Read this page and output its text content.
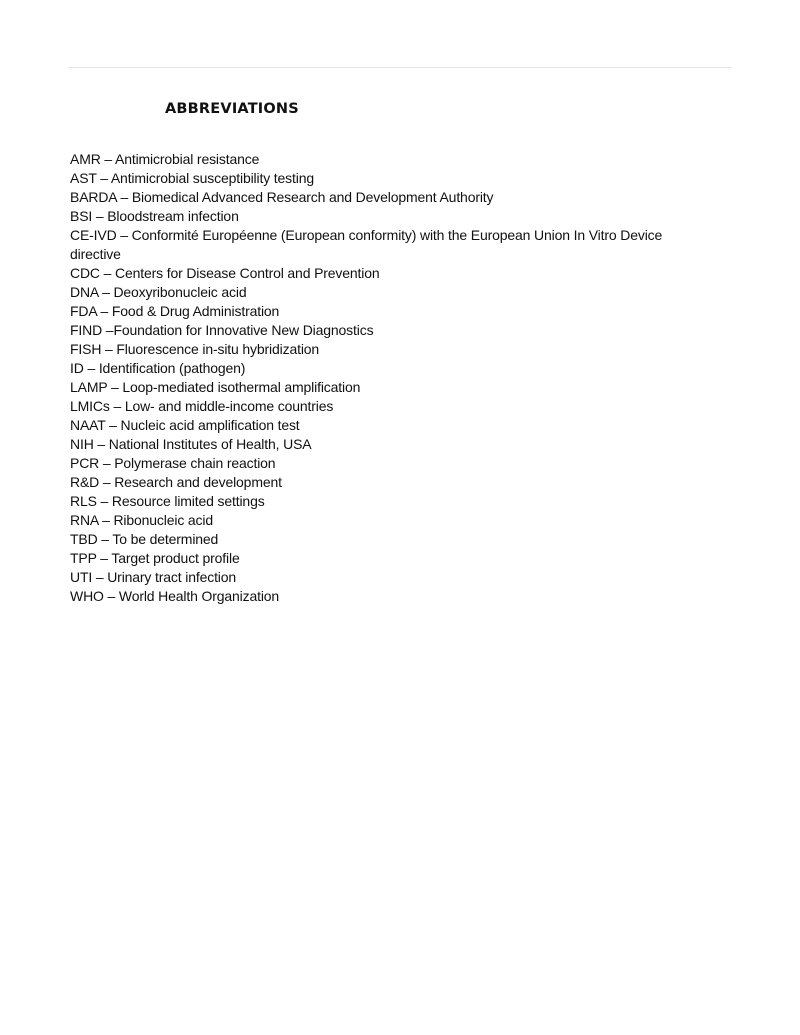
ABBREVIATIONS
AMR – Antimicrobial resistance
AST – Antimicrobial susceptibility testing
BARDA – Biomedical Advanced Research and Development Authority
BSI – Bloodstream infection
CE-IVD – Conformité Européenne (European conformity) with the European Union In Vitro Device directive
CDC – Centers for Disease Control and Prevention
DNA – Deoxyribonucleic acid
FDA – Food & Drug Administration
FIND –Foundation for Innovative New Diagnostics
FISH – Fluorescence in-situ hybridization
ID – Identification (pathogen)
LAMP – Loop-mediated isothermal amplification
LMICs – Low- and middle-income countries
NAAT – Nucleic acid amplification test
NIH – National Institutes of Health, USA
PCR – Polymerase chain reaction
R&D – Research and development
RLS – Resource limited settings
RNA – Ribonucleic acid
TBD – To be determined
TPP – Target product profile
UTI – Urinary tract infection
WHO – World Health Organization
